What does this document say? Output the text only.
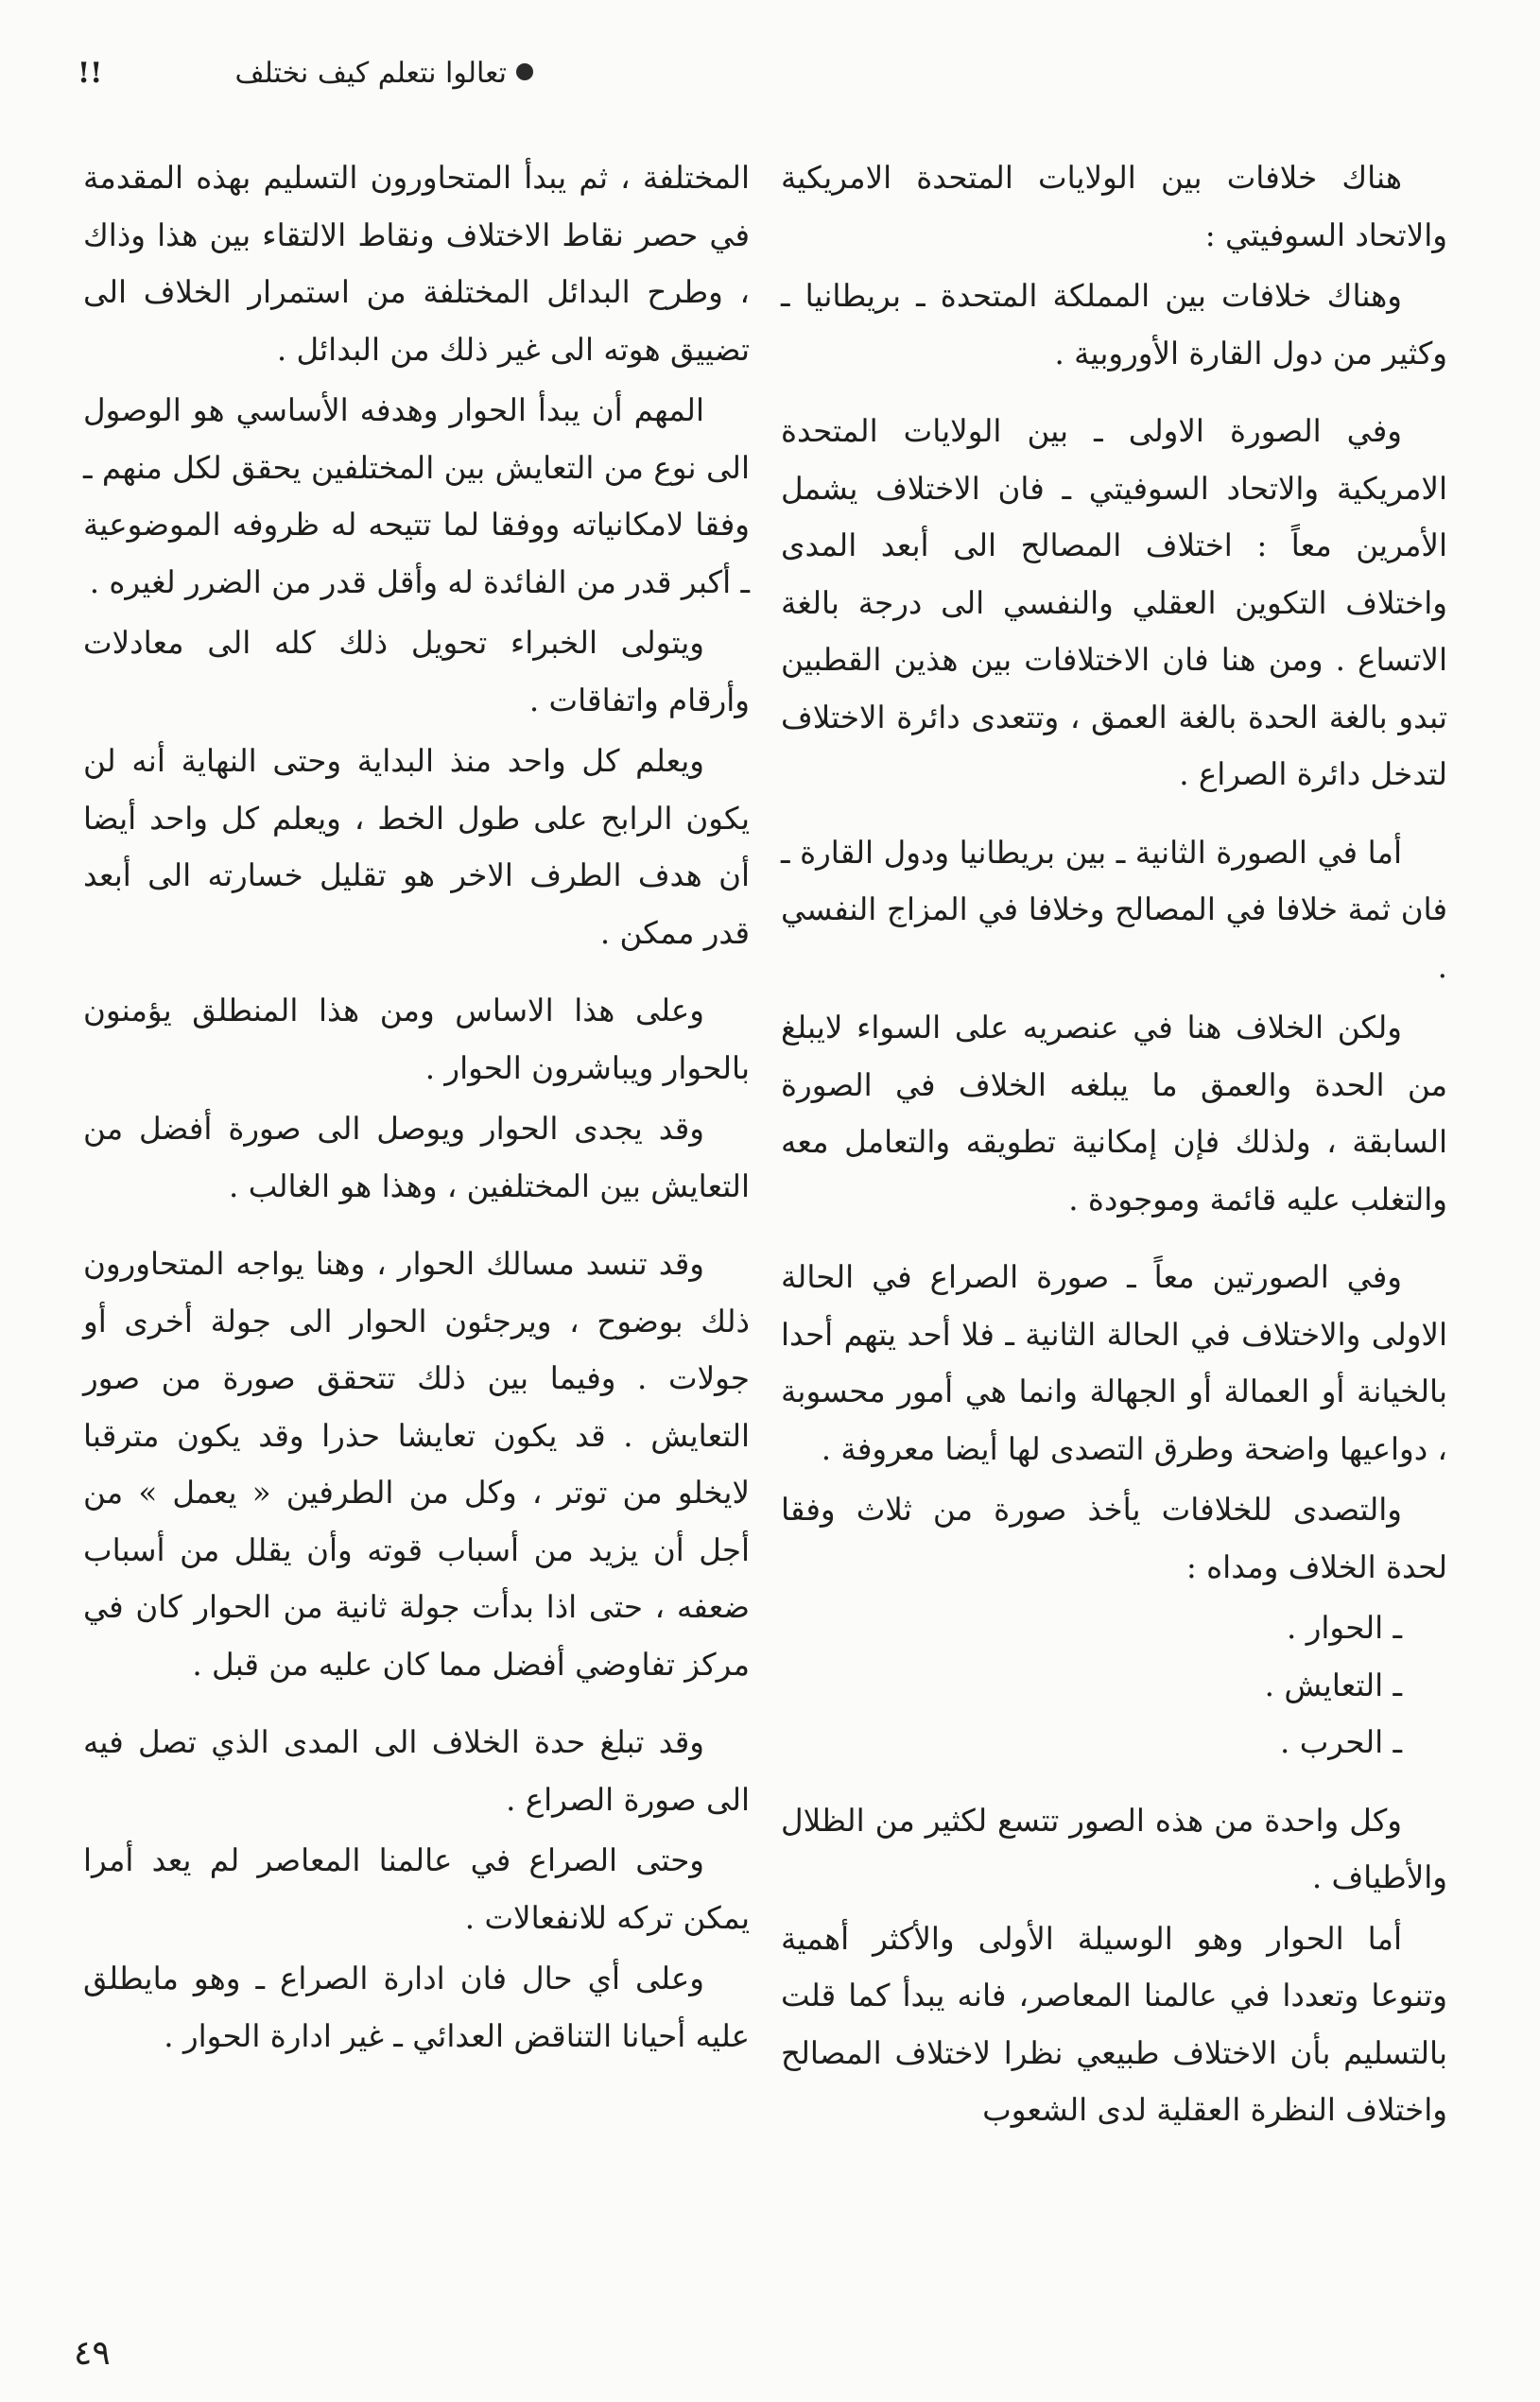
تعالوا نتعلم كيف نختلف
!!

هناك خلافات بين الولايات المتحدة الامريكية والاتحاد السوفيتي :

وهناك خلافات بين المملكة المتحدة ـ بريطانيا ـ وكثير من دول القارة الأوروبية .

وفي الصورة الاولى ـ بين الولايات المتحدة الامريكية والاتحاد السوفيتي ـ فان الاختلاف يشمل الأمرين معاً : اختلاف المصالح الى أبعد المدى واختلاف التكوين العقلي والنفسي الى درجة بالغة الاتساع . ومن هنا فان الاختلافات بين هذين القطبين تبدو بالغة الحدة بالغة العمق ، وتتعدى دائرة الاختلاف لتدخل دائرة الصراع .

أما في الصورة الثانية ـ بين بريطانيا ودول القارة ـ فان ثمة خلافا في المصالح وخلافا في المزاج النفسي .

ولكن الخلاف هنا في عنصريه على السواء لايبلغ من الحدة والعمق ما يبلغه الخلاف في الصورة السابقة ، ولذلك فإن إمكانية تطويقه والتعامل معه والتغلب عليه قائمة وموجودة .

وفي الصورتين معاً ـ صورة الصراع في الحالة الاولى والاختلاف في الحالة الثانية ـ فلا أحد يتهم أحدا بالخيانة أو العمالة أو الجهالة وانما هي أمور محسوبة ، دواعيها واضحة وطرق التصدى لها أيضا معروفة .

والتصدى للخلافات يأخذ صورة من ثلاث وفقا لحدة الخلاف ومداه :

ـ الحوار .

ـ التعايش .

ـ الحرب .

وكل واحدة من هذه الصور تتسع لكثير من الظلال والأطياف .

أما الحوار وهو الوسيلة الأولى والأكثر أهمية وتنوعا وتعددا في عالمنا المعاصر، فانه يبدأ كما قلت بالتسليم بأن الاختلاف طبيعي نظرا لاختلاف المصالح واختلاف النظرة العقلية لدى الشعوب

المختلفة ، ثم يبدأ المتحاورون التسليم بهذه المقدمة في حصر نقاط الاختلاف ونقاط الالتقاء بين هذا وذاك ، وطرح البدائل المختلفة من استمرار الخلاف الى تضييق هوته الى غير ذلك من البدائل .

المهم أن يبدأ الحوار وهدفه الأساسي هو الوصول الى نوع من التعايش بين المختلفين يحقق لكل منهم ـ وفقا لامكانياته ووفقا لما تتيحه له ظروفه الموضوعية ـ أكبر قدر من الفائدة له وأقل قدر من الضرر لغيره .

ويتولى الخبراء تحويل ذلك كله الى معادلات وأرقام واتفاقات .

ويعلم كل واحد منذ البداية وحتى النهاية أنه لن يكون الرابح على طول الخط ، ويعلم كل واحد أيضا أن هدف الطرف الاخر هو تقليل خسارته الى أبعد قدر ممكن .

وعلى هذا الاساس ومن هذا المنطلق يؤمنون بالحوار ويباشرون الحوار .

وقد يجدى الحوار ويوصل الى صورة أفضل من التعايش بين المختلفين ، وهذا هو الغالب .

وقد تنسد مسالك الحوار ، وهنا يواجه المتحاورون ذلك بوضوح ، ويرجئون الحوار الى جولة أخرى أو جولات . وفيما بين ذلك تتحقق صورة من صور التعايش . قد يكون تعايشا حذرا وقد يكون مترقبا لايخلو من توتر ، وكل من الطرفين « يعمل » من أجل أن يزيد من أسباب قوته وأن يقلل من أسباب ضعفه ، حتى اذا بدأت جولة ثانية من الحوار كان في مركز تفاوضي أفضل مما كان عليه من قبل .

وقد تبلغ حدة الخلاف الى المدى الذي تصل فيه الى صورة الصراع .

وحتى الصراع في عالمنا المعاصر لم يعد أمرا يمكن تركه للانفعالات .

وعلى أي حال فان ادارة الصراع ـ وهو مايطلق عليه أحيانا التناقض العدائي ـ غير ادارة الحوار .

٤٩
